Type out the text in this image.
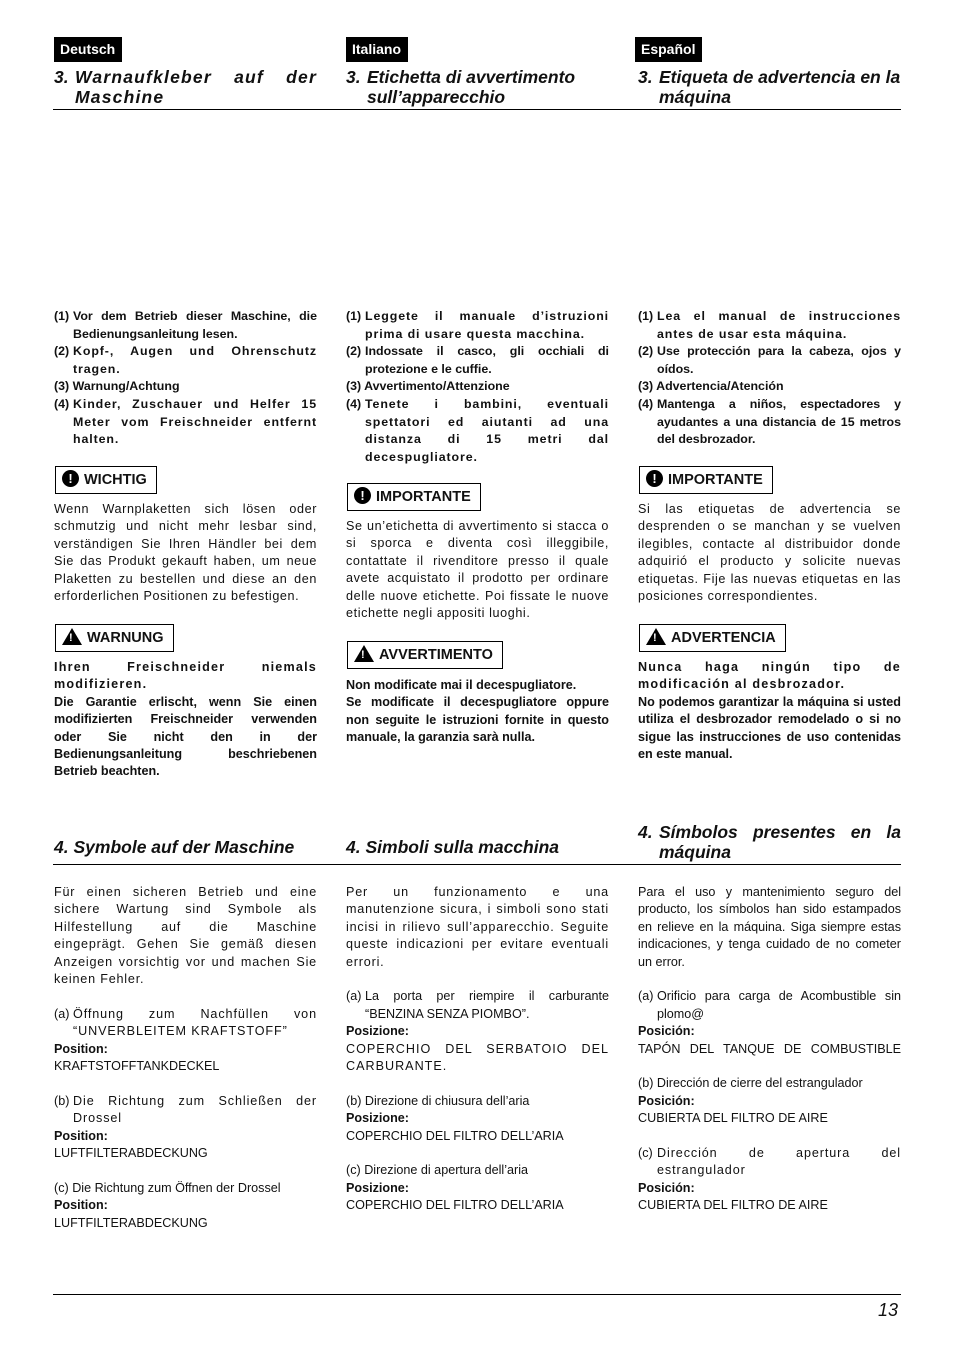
Deutsch
3. Warnaufkleber auf der Maschine
Italiano
3. Etichetta di avvertimento sull’apparecchio
Español
3. Etiqueta de advertencia en la máquina
(1) Vor dem Betrieb dieser Maschine, die Bedienungsanleitung lesen.
(2) Kopf-, Augen und Ohrenschutz tragen.
(3) Warnung/Achtung
(4) Kinder, Zuschauer und Helfer 15 Meter vom Freischneider entfernt halten.
(1) Leggete il manuale d’istruzioni prima di usare questa macchina.
(2) Indossate il casco, gli occhiali di protezione e le cuffie.
(3) Avvertimento/Attenzione
(4) Tenete i bambini, eventuali spettatori ed aiutanti ad una distanza di 15 metri dal decespugliatore.
(1) Lea el manual de instrucciones antes de usar esta máquina.
(2) Use protección para la cabeza, ojos y oídos.
(3) Advertencia/Atención
(4) Mantenga a niños, espectadores y ayudantes a una distancia de 15 metros del desbrozador.
! WICHTIG
! IMPORTANTE
! IMPORTANTE

Wenn Warnplaketten sich lösen oder schmutzig und nicht mehr lesbar sind, verständigen Sie Ihren Händler bei dem Sie das Produkt gekauft haben, um neue Plaketten zu bestellen und diese an den erforderlichen Positionen zu befestigen.

Se un’etichetta di avvertimento si stacca o si sporca e diventa così illeggibile, contattate il rivenditore presso il quale avete acquistato il prodotto per ordinare delle nuove etichette. Poi fissate le nuove etichette negli appositi luoghi.

Si las etiquetas de advertencia se desprenden o se manchan y se vuelven ilegibles, contacte al distribuidor donde adquirió el producto y solicite nuevas etiquetas. Fije las nuevas etiquetas en las posiciones correspondientes.

! WARNUNG
! AVVERTIMENTO
! ADVERTENCIA

Ihren Freischneider niemals modifizieren.

Die Garantie erlischt, wenn Sie einen modifizierten Freischneider verwenden oder Sie nicht den in der Bedienungsanleitung beschriebenen Betrieb beachten.

Non modificate mai il decespugliatore.

Se modificate il decespugliatore oppure non seguite le istruzioni fornite in questo manuale, la garanzia sarà nulla.

Nunca haga ningún tipo de modificación al desbrozador.

No podemos garantizar la máquina si usted utiliza el desbrozador remodelado o si no sigue las instrucciones de uso contenidas en este manual.

4. Symbole auf der Maschine	4. Simboli sulla macchina
4. Símbolos presentes en la máquina

Für einen sicheren Betrieb und eine sichere Wartung sind Symbole als Hilfestellung auf die Maschine eingeprägt. Gehen Sie gemäß diesen Anzeigen vorsichtig vor und machen Sie keinen Fehler.

(a) Öffnung zum Nachfüllen von “UNVERBLEITEM KRAFTSTOFF”

Position:

KRAFTSTOFFTANKDECKEL

(b) Die Richtung zum Schließen der Drossel

Position:

LUFTFILTERABDECKUNG

(c) Die Richtung zum Öffnen der Drossel

Position:

LUFTFILTERABDECKUNG

Per un funzionamento e una manutenzione sicura, i simboli sono stati incisi in rilievo sull’apparecchio. Seguite queste indicazioni per evitare eventuali errori.

(a) La porta per riempire il carburante “BENZINA SENZA PIOMBO”.

Posizione:

COPERCHIO DEL SERBATOIO DEL CARBURANTE.

(b) Direzione di chiusura dell’aria

Posizione:

COPERCHIO DEL FILTRO DELL’ARIA

(c) Direzione di apertura dell’aria

Posizione:

COPERCHIO DEL FILTRO DELL’ARIA

Para el uso y mantenimiento seguro del producto, los símbolos han sido estampados en relieve en la máquina. Siga siempre estas indicaciones, y tenga cuidado de no cometer un error.

(a) Orificio para carga de Acombustible sin plomo@

Posición:

TAPÓN DEL TANQUE DE COMBUSTIBLE

(b) Dirección de cierre del estrangulador

Posición:

CUBIERTA DEL FILTRO DE AIRE

(c) Dirección de apertura del estrangulador

Posición:

CUBIERTA DEL FILTRO DE AIRE

13
